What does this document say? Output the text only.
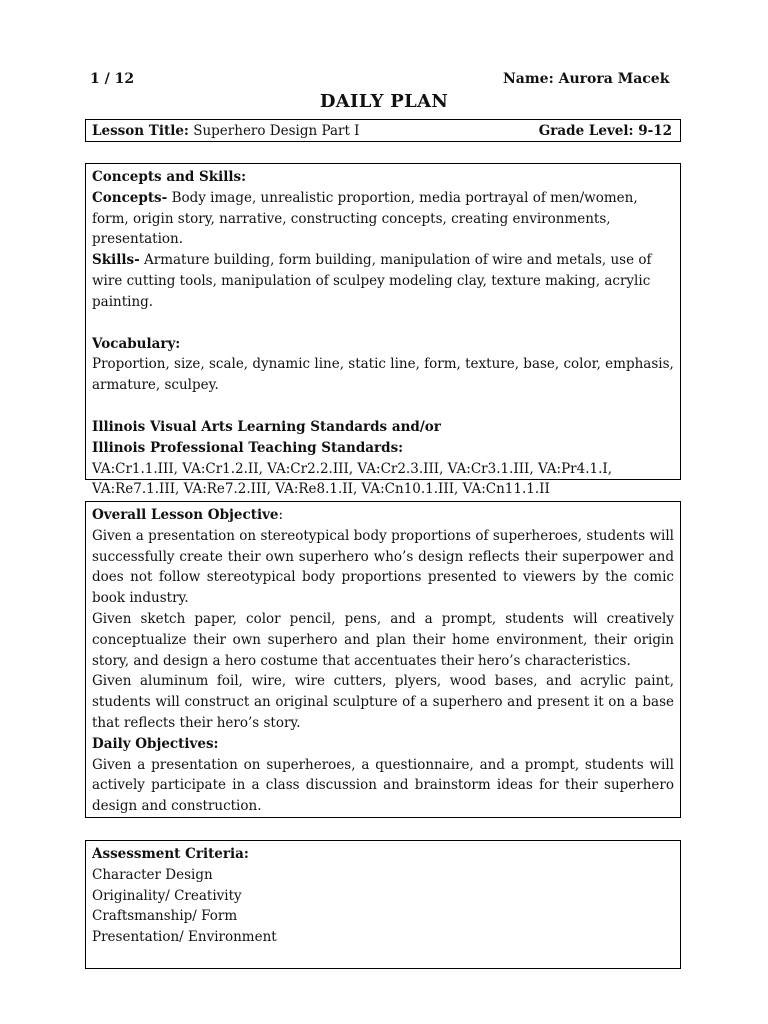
1 / 12	Name: Aurora Macek
DAILY PLAN
Lesson Title: Superhero Design Part I	Grade Level: 9-12

Concepts and Skills:

Concepts- Body image, unrealistic proportion, media portrayal of men/women, form, origin story, narrative, constructing concepts, creating environments, presentation.

Skills- Armature building, form building, manipulation of wire and metals, use of wire cutting tools, manipulation of sculpey modeling clay, texture making, acrylic painting.

Vocabulary:

Proportion, size, scale, dynamic line, static line, form, texture, base, color, emphasis, armature, sculpey.

Illinois Visual Arts Learning Standards and/or

Illinois Professional Teaching Standards:

VA:Cr1.1.III, VA:Cr1.2.II, VA:Cr2.2.III, VA:Cr2.3.III, VA:Cr3.1.III, VA:Pr4.1.I, VA:Re7.1.III, VA:Re7.2.III, VA:Re8.1.II, VA:Cn10.1.III, VA:Cn11.1.II

Overall Lesson Objective:

Given a presentation on stereotypical body proportions of superheroes, students will successfully create their own superhero who’s design reflects their superpower and does not follow stereotypical body proportions presented to viewers by the comic book industry.

Given sketch paper, color pencil, pens, and a prompt, students will creatively conceptualize their own superhero and plan their home environment, their origin story, and design a hero costume that accentuates their hero’s characteristics.

Given aluminum foil, wire, wire cutters, plyers, wood bases, and acrylic paint, students will construct an original sculpture of a superhero and present it on a base that reflects their hero’s story.

Daily Objectives:

Given a presentation on superheroes, a questionnaire, and a prompt, students will actively participate in a class discussion and brainstorm ideas for their superhero design and construction.

Assessment Criteria:

Character Design

Originality/ Creativity

Craftsmanship/ Form

Presentation/ Environment
